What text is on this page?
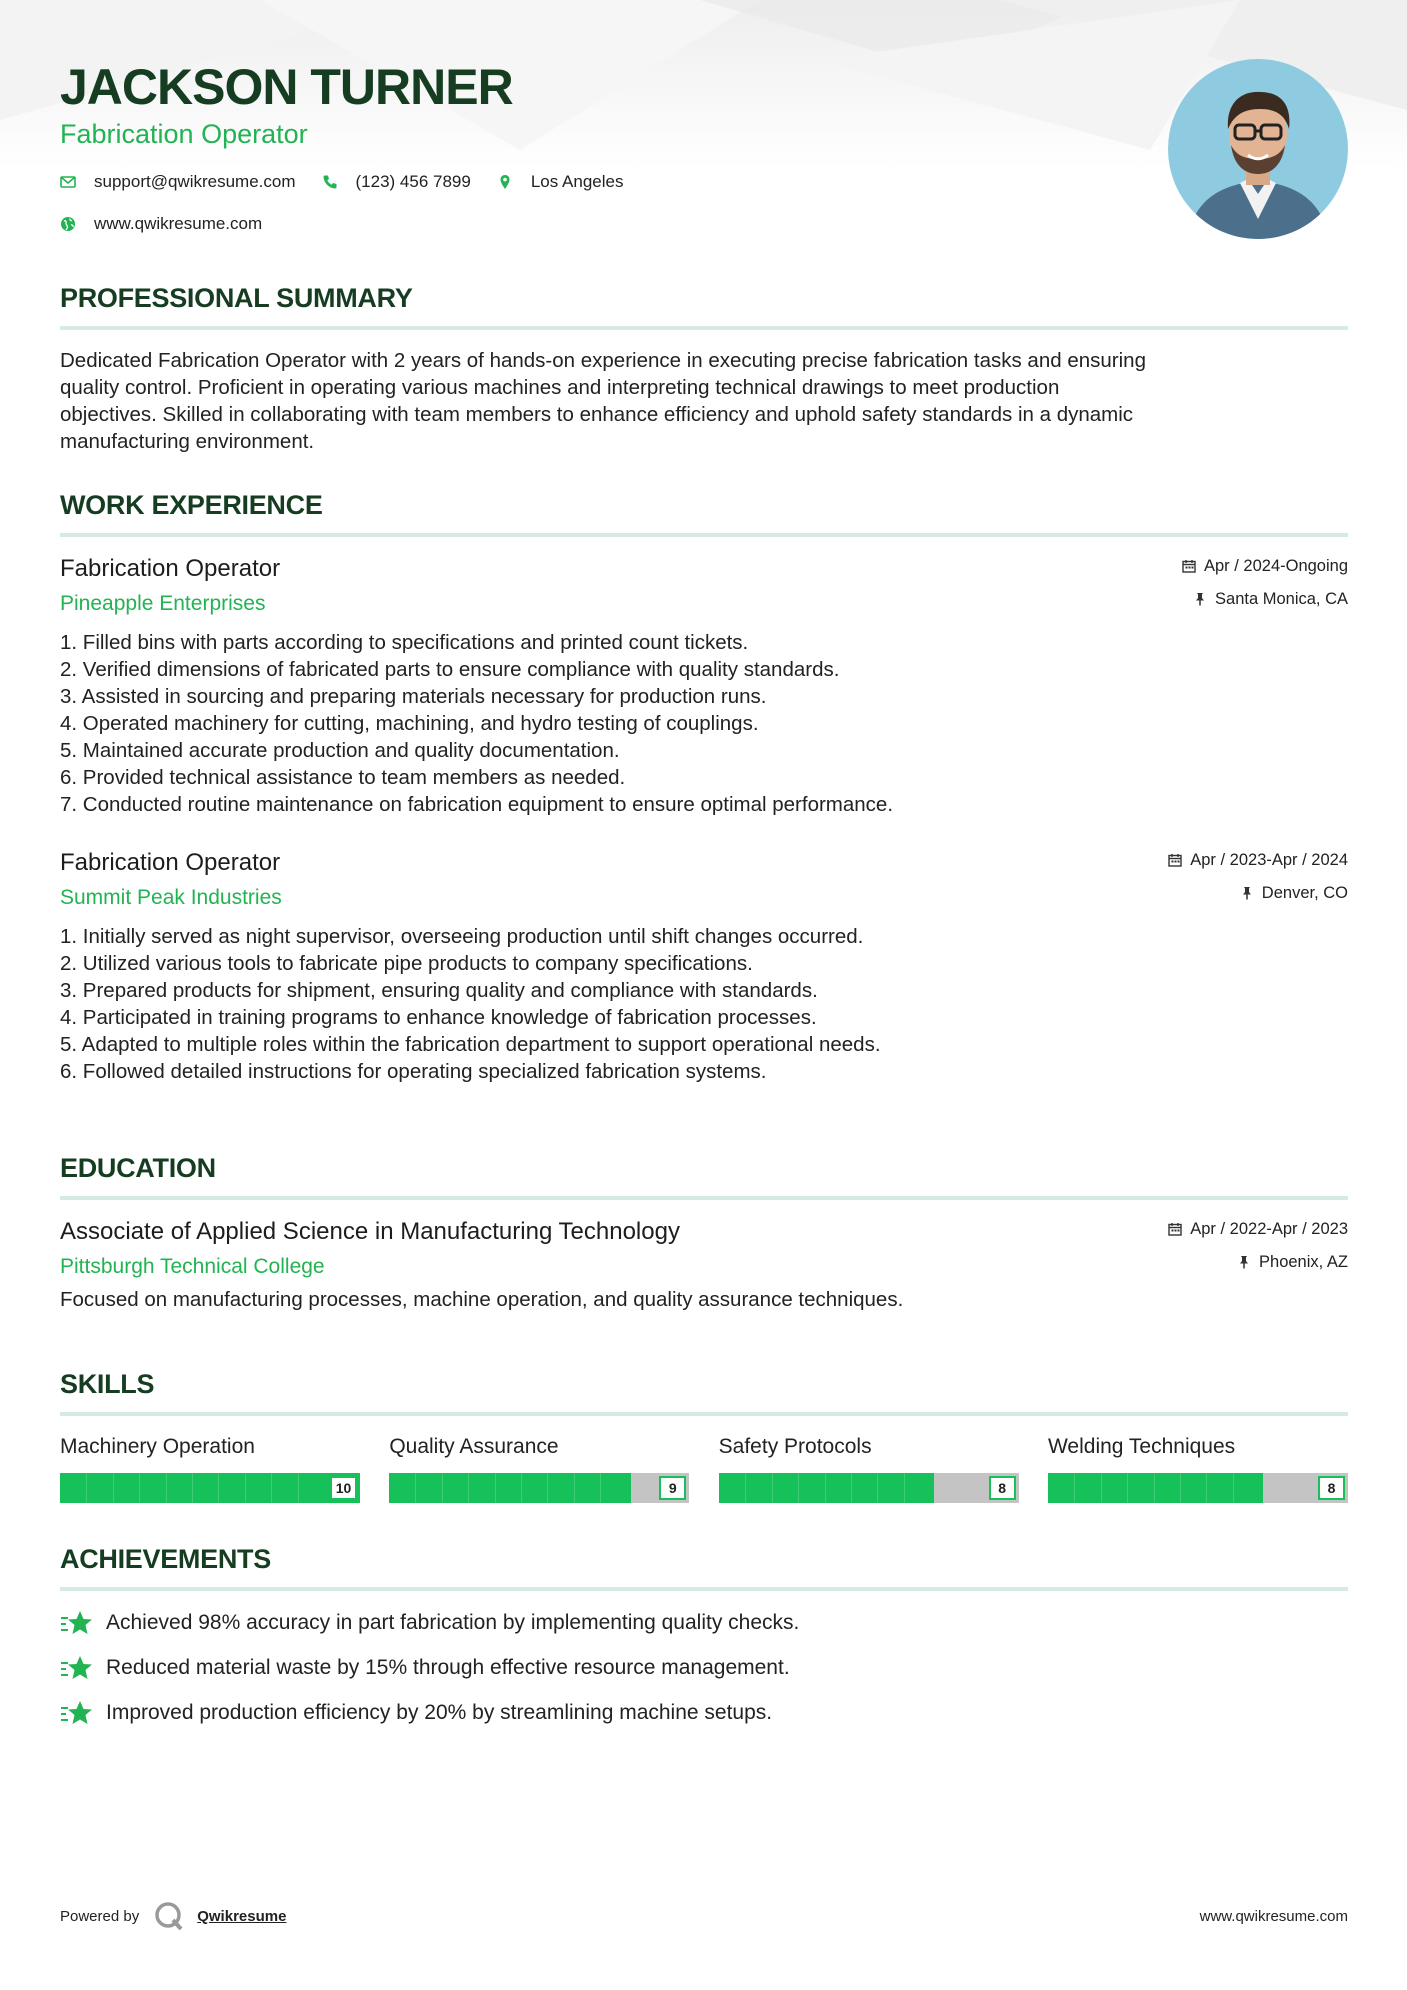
JACKSON TURNER
Fabrication Operator
support@qwikresume.com	(123) 456 7899	Los Angeles
www.qwikresume.com
PROFESSIONAL SUMMARY
Dedicated Fabrication Operator with 2 years of hands-on experience in executing precise fabrication tasks and ensuring
quality control. Proficient in operating various machines and interpreting technical drawings to meet production
objectives. Skilled in collaborating with team members to enhance efficiency and uphold safety standards in a dynamic
manufacturing environment.
WORK EXPERIENCE
Fabrication Operator
Pineapple Enterprises
Apr / 2024-Ongoing
Santa Monica, CA
1. Filled bins with parts according to specifications and printed count tickets.
2. Verified dimensions of fabricated parts to ensure compliance with quality standards.
3. Assisted in sourcing and preparing materials necessary for production runs.
4. Operated machinery for cutting, machining, and hydro testing of couplings.
5. Maintained accurate production and quality documentation.
6. Provided technical assistance to team members as needed.
7. Conducted routine maintenance on fabrication equipment to ensure optimal performance.
Fabrication Operator
Summit Peak Industries
Apr / 2023-Apr / 2024
Denver, CO
1. Initially served as night supervisor, overseeing production until shift changes occurred.
2. Utilized various tools to fabricate pipe products to company specifications.
3. Prepared products for shipment, ensuring quality and compliance with standards.
4. Participated in training programs to enhance knowledge of fabrication processes.
5. Adapted to multiple roles within the fabrication department to support operational needs.
6. Followed detailed instructions for operating specialized fabrication systems.
EDUCATION
Associate of Applied Science in Manufacturing Technology
Pittsburgh Technical College
Apr / 2022-Apr / 2023
Phoenix, AZ
Focused on manufacturing processes, machine operation, and quality assurance techniques.
SKILLS
Machinery Operation
10
Quality Assurance
9
Safety Protocols
8
Welding Techniques
8
ACHIEVEMENTS
Achieved 98% accuracy in part fabrication by implementing quality checks.
Reduced material waste by 15% through effective resource management.
Improved production efficiency by 20% by streamlining machine setups.
Powered by	Qwikresume	www.qwikresume.com
